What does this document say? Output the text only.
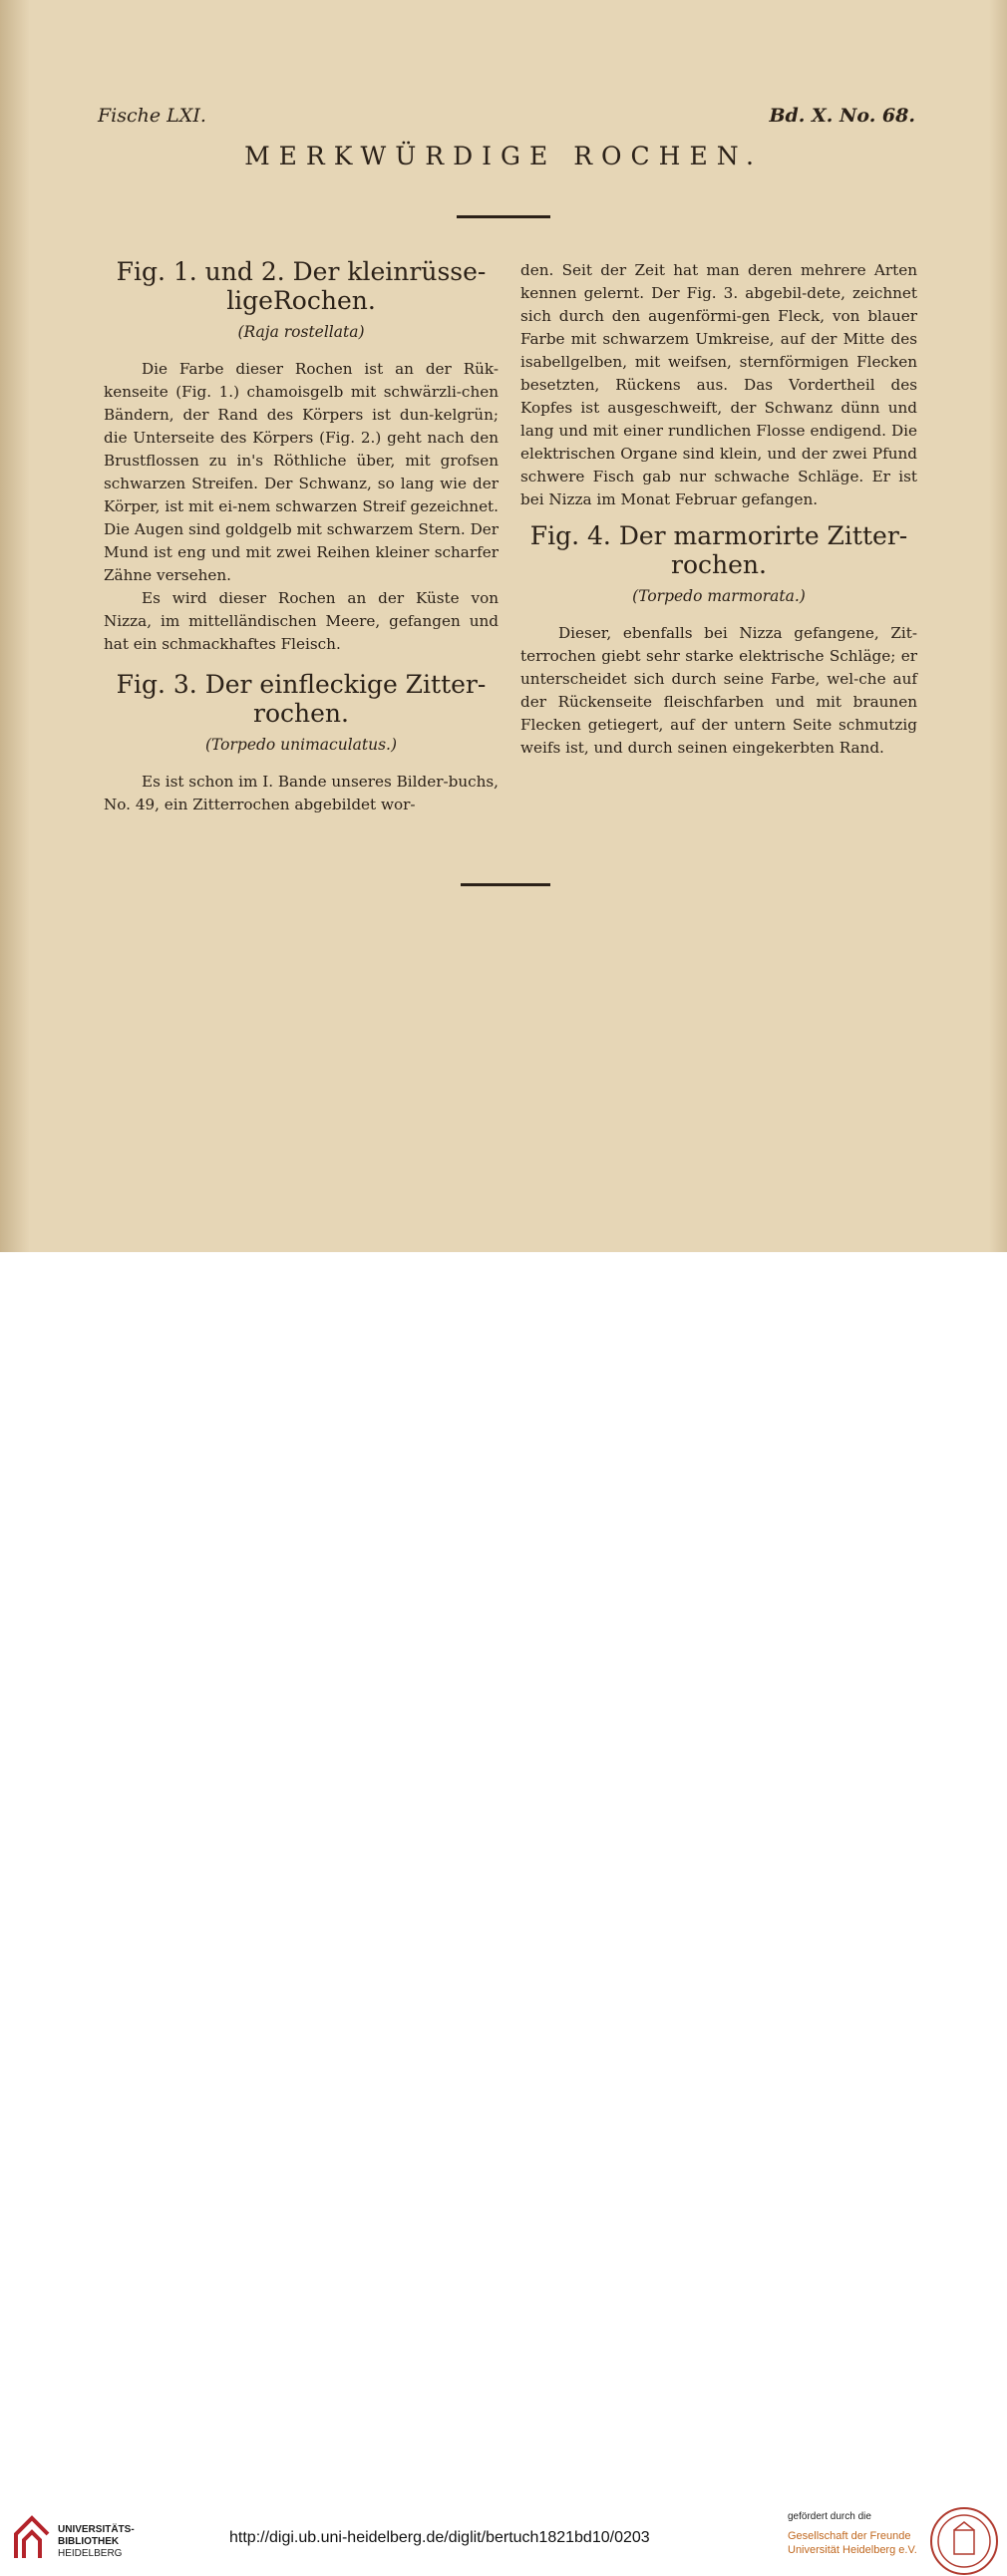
Fische LXI.	Bd. X. No. 68.
MERKWÜRDIGE ROCHEN.
Fig. 1. und 2. Der kleinrüsse-ligeRochen.
(Raja rostellata)

Die Farbe dieser Rochen ist an der Rük-kenseite (Fig. 1.) chamoisgelb mit schwärzli-chen Bändern, der Rand des Körpers ist dun-kelgrün; die Unterseite des Körpers (Fig. 2.) geht nach den Brustflossen zu in's Röthliche über, mit grofsen schwarzen Streifen. Der Schwanz, so lang wie der Körper, ist mit ei-nem schwarzen Streif gezeichnet. Die Augen sind goldgelb mit schwarzem Stern. Der Mund ist eng und mit zwei Reihen kleiner scharfer Zähne versehen.

Es wird dieser Rochen an der Küste von Nizza, im mittelländischen Meere, gefangen und hat ein schmackhaftes Fleisch.

Fig. 3. Der einfleckige Zitter-rochen.
(Torpedo unimaculatus.)

Es ist schon im I. Bande unseres Bilder-buchs, No. 49, ein Zitterrochen abgebildet wor-

den. Seit der Zeit hat man deren mehrere Arten kennen gelernt. Der Fig. 3. abgebil-dete, zeichnet sich durch den augenförmi-gen Fleck, von blauer Farbe mit schwarzem Umkreise, auf der Mitte des isabellgelben, mit weifsen, sternförmigen Flecken besetzten, Rückens aus. Das Vordertheil des Kopfes ist ausgeschweift, der Schwanz dünn und lang und mit einer rundlichen Flosse endigend. Die elektrischen Organe sind klein, und der zwei Pfund schwere Fisch gab nur schwache Schläge. Er ist bei Nizza im Monat Februar gefangen.

Fig. 4. Der marmorirte Zitter-rochen.
(Torpedo marmorata.)

Dieser, ebenfalls bei Nizza gefangene, Zit-terrochen giebt sehr starke elektrische Schläge; er unterscheidet sich durch seine Farbe, wel-che auf der Rückenseite fleischfarben und mit braunen Flecken getiegert, auf der untern Seite schmutzig weifs ist, und durch seinen eingekerbten Rand.

UNIVERSITÄTS-
BIBLIOTHEK
HEIDELBERG
http://digi.ub.uni-heidelberg.de/diglit/bertuch1821bd10/0203
gefördert durch die
Gesellschaft der Freunde
Universität Heidelberg e.V.
